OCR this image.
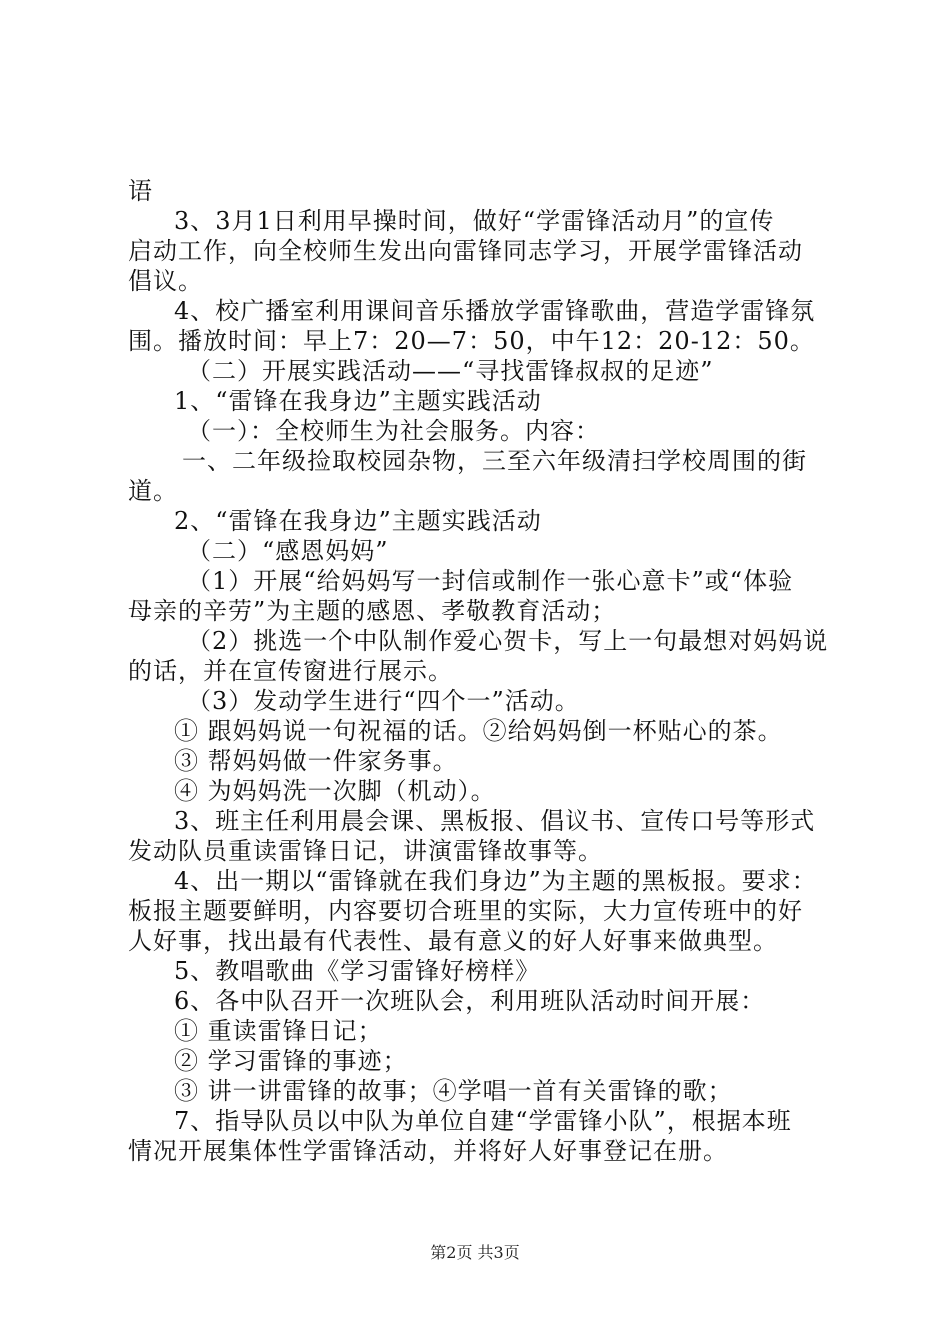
语
3、3月1日利用早操时间，做好“学雷锋活动月”的宣传
启动工作，向全校师生发出向雷锋同志学习，开展学雷锋活动
倡议。
4、校广播室利用课间音乐播放学雷锋歌曲，营造学雷锋氛
围。播放时间：早上7：20—7：50，中午12：20-12：50。
（二）开展实践活动——“寻找雷锋叔叔的足迹”
1、“雷锋在我身边”主题实践活动
（一）：全校师生为社会服务。内容：
一、二年级捡取校园杂物，三至六年级清扫学校周围的街
道。
2、“雷锋在我身边”主题实践活动
（二）“感恩妈妈”
（1）开展“给妈妈写一封信或制作一张心意卡”或“体验
母亲的辛劳”为主题的感恩、孝敬教育活动；
（2）挑选一个中队制作爱心贺卡，写上一句最想对妈妈说
的话，并在宣传窗进行展示。
（3）发动学生进行“四个一”活动。
① 跟妈妈说一句祝福的话。②给妈妈倒一杯贴心的茶。
③ 帮妈妈做一件家务事。
④ 为妈妈洗一次脚（机动）。
3、班主任利用晨会课、黑板报、倡议书、宣传口号等形式
发动队员重读雷锋日记，讲演雷锋故事等。
4、出一期以“雷锋就在我们身边”为主题的黑板报。要求：
板报主题要鲜明，内容要切合班里的实际，大力宣传班中的好
人好事，找出最有代表性、最有意义的好人好事来做典型。
5、教唱歌曲《学习雷锋好榜样》
6、各中队召开一次班队会，利用班队活动时间开展：
① 重读雷锋日记；
② 学习雷锋的事迹；
③ 讲一讲雷锋的故事；④学唱一首有关雷锋的歌；
7、指导队员以中队为单位自建“学雷锋小队”，根据本班
情况开展集体性学雷锋活动，并将好人好事登记在册。
第2页 共3页
